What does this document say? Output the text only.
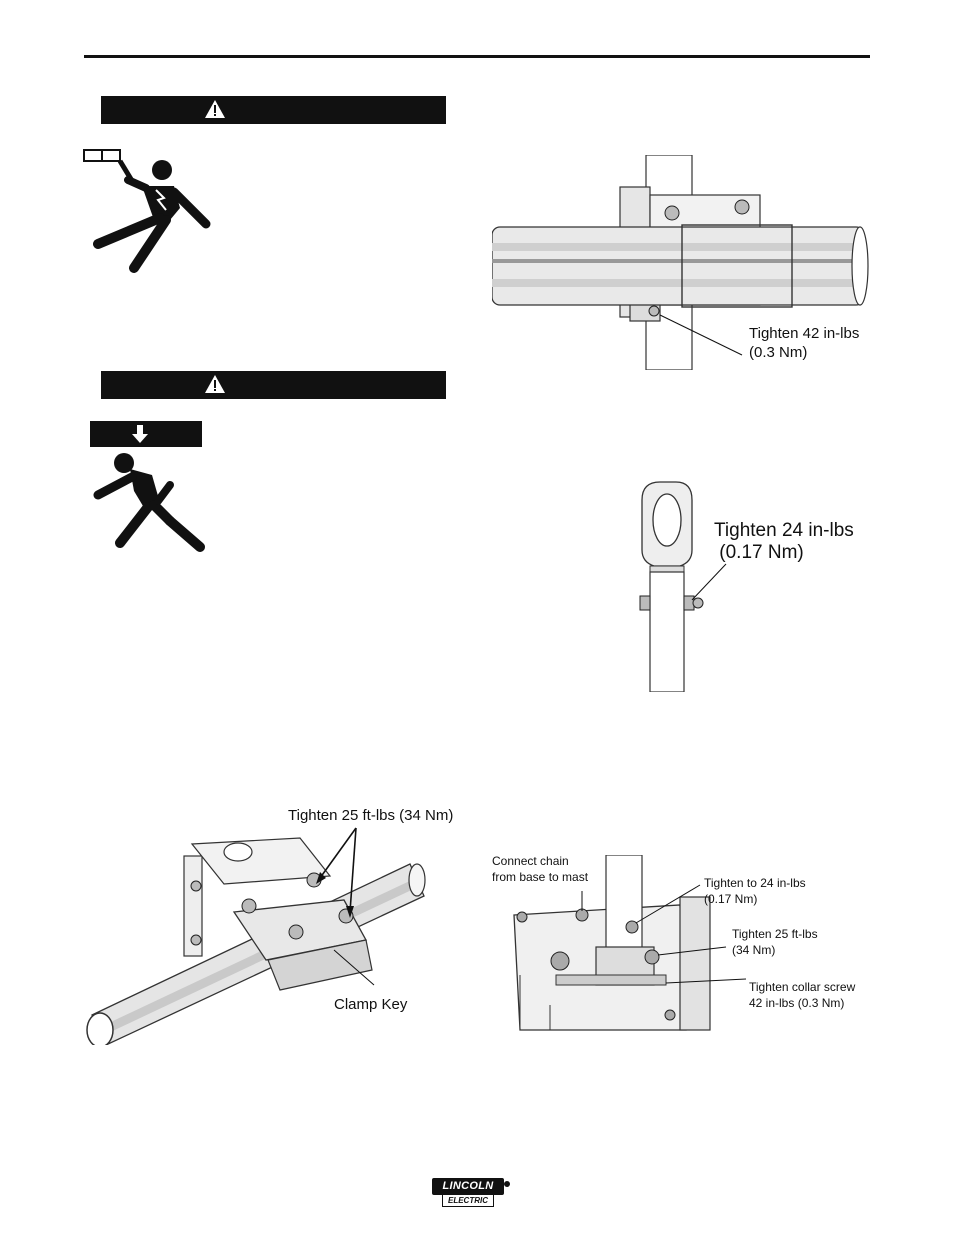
Tighten 42 in-lbs
(0.3 Nm)
Tighten 24 in-lbs
(0.17 Nm)
Tighten 25 ft-lbs (34 Nm)
Clamp Key
Connect chain
from base to mast	Tighten to 24 in-lbs
(0.17 Nm)
Tighten 25 ft-lbs
(34 Nm)
Tighten collar screw
42 in-lbs (0.3 Nm)
LINCOLN
ELECTRIC
